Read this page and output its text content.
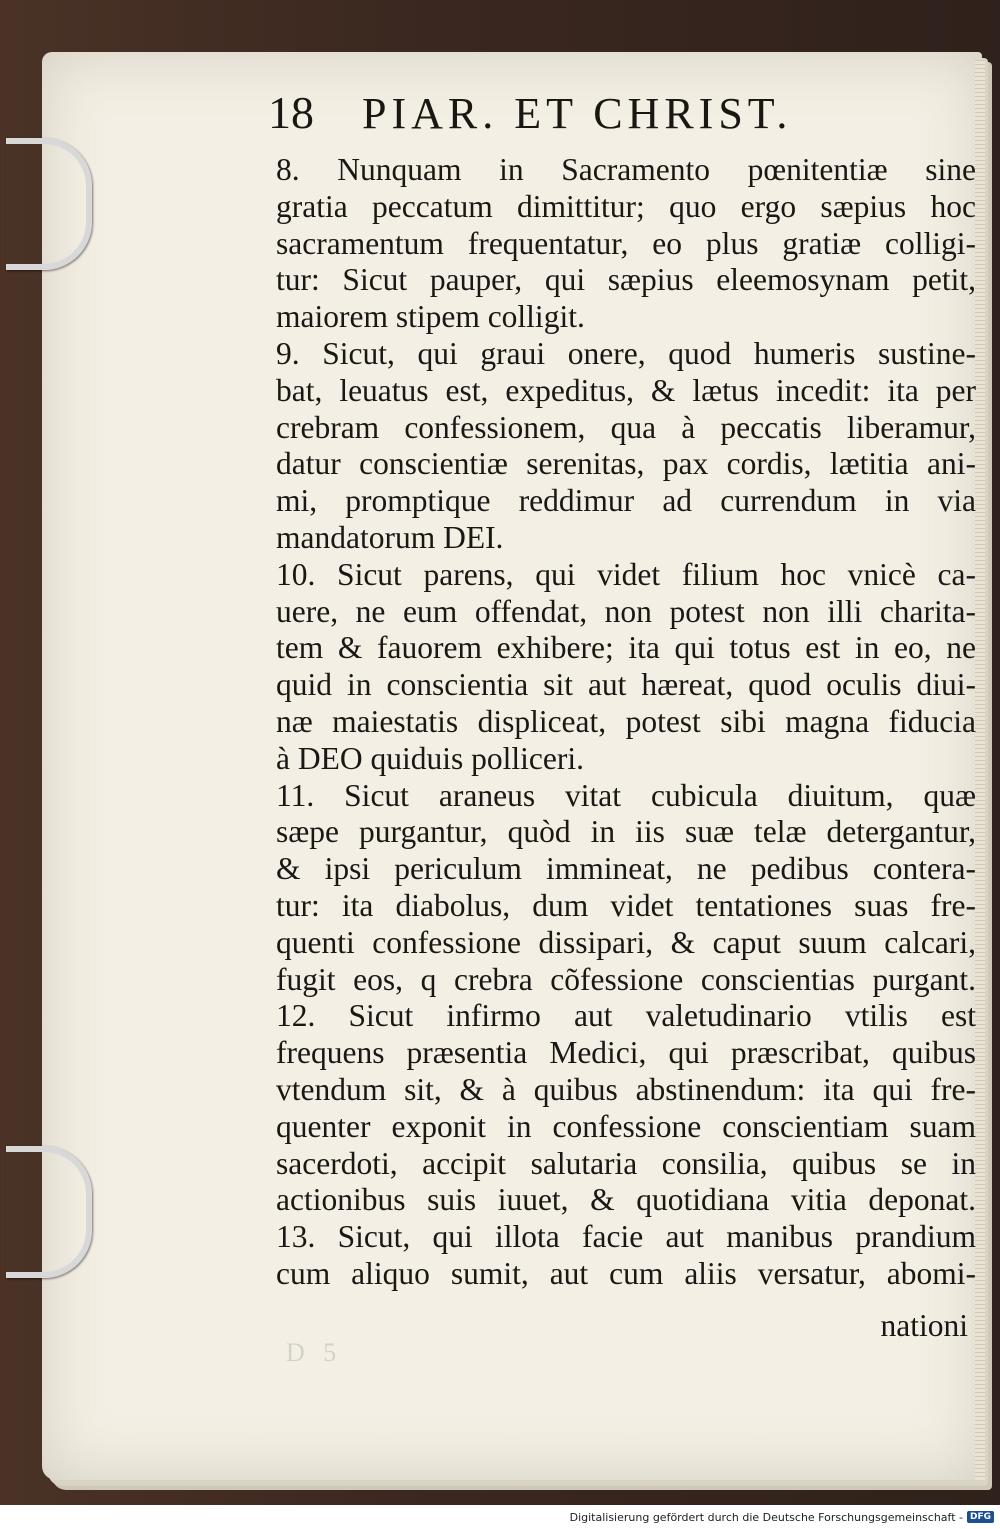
18 PIAR. ET CHRIST.
8. Nunquam in Sacramento pœnitentiæ sine
gratia peccatum dimittitur; quo ergo sæpius hoc
sacramentum frequentatur, eo plus gratiæ colligi-
tur: Sicut pauper, qui sæpius eleemosynam petit,
maiorem stipem colligit.
9. Sicut, qui graui onere, quod humeris sustine-
bat, leuatus est, expeditus, & lætus incedit: ita per
crebram confessionem, qua à peccatis liberamur,
datur conscientiæ serenitas, pax cordis, lætitia ani-
mi, promptique reddimur ad currendum in via
mandatorum DEI.
10. Sicut parens, qui videt filium hoc vnicè ca-
uere, ne eum offendat, non potest non illi charita-
tem & fauorem exhibere; ita qui totus est in eo, ne
quid in conscientia sit aut hæreat, quod oculis diui-
næ maiestatis displiceat, potest sibi magna fiducia
à DEO quiduis polliceri.
11. Sicut araneus vitat cubicula diuitum, quæ
sæpe purgantur, quòd in iis suæ telæ detergantur,
& ipsi periculum immineat, ne pedibus contera-
tur: ita diabolus, dum videt tentationes suas fre-
quenti confessione dissipari, & caput suum calcari,
fugit eos, q crebra cõfessione conscientias purgant.
12. Sicut infirmo aut valetudinario vtilis est
frequens præsentia Medici, qui præscribat, quibus
vtendum sit, & à quibus abstinendum: ita qui fre-
quenter exponit in confessione conscientiam suam
sacerdoti, accipit salutaria consilia, quibus se in
actionibus suis iuuet, & quotidiana vitia deponat.
13. Sicut, qui illota facie aut manibus prandium
cum aliquo sumit, aut cum aliis versatur, abomi-
D 5
nationi
Digitalisierung gefördert durch die Deutsche Forschungsgemeinschaft - DFG
